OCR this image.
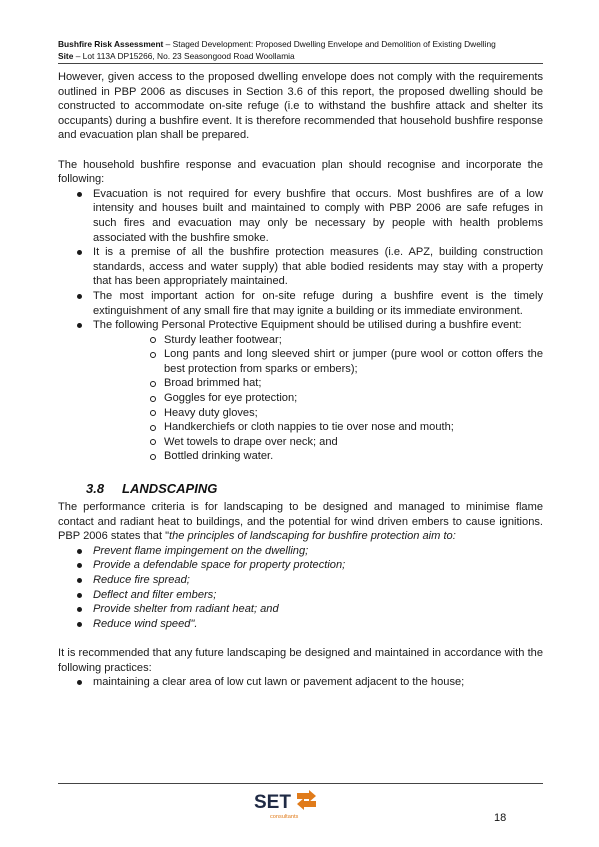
Bushfire Risk Assessment – Staged Development: Proposed Dwelling Envelope and Demolition of Existing Dwelling
Site – Lot 113A DP15266, No. 23 Seasongood Road Woollamia

However, given access to the proposed dwelling envelope does not comply with the requirements outlined in PBP 2006 as discuses in Section 3.6 of this report, the proposed dwelling should be constructed to accommodate on-site refuge (i.e to withstand the bushfire attack and shelter its occupants) during a bushfire event. It is therefore recommended that household bushfire response and evacuation plan shall be prepared.

The household bushfire response and evacuation plan should recognise and incorporate the following:

Evacuation is not required for every bushfire that occurs. Most bushfires are of a low intensity and houses built and maintained to comply with PBP 2006 are safe refuges in such fires and evacuation may only be necessary by people with health problems associated with the bushfire smoke.
It is a premise of all the bushfire protection measures (i.e. APZ, building construction standards, access and water supply) that able bodied residents may stay with a property that has been appropriately maintained.
The most important action for on-site refuge during a bushfire event is the timely extinguishment of any small fire that may ignite a building or its immediate environment.
The following Personal Protective Equipment should be utilised during a bushfire event:
Sturdy leather footwear;
Long pants and long sleeved shirt or jumper (pure wool or cotton offers the best protection from sparks or embers);
Broad brimmed hat;
Goggles for eye protection;
Heavy duty gloves;
Handkerchiefs or cloth nappies to tie over nose and mouth;
Wet towels to drape over neck; and
Bottled drinking water.
3.8 LANDSCAPING

The performance criteria is for landscaping to be designed and managed to minimise flame contact and radiant heat to buildings, and the potential for wind driven embers to cause ignitions. PBP 2006 states that "the principles of landscaping for bushfire protection aim to:

Prevent flame impingement on the dwelling;
Provide a defendable space for property protection;
Reduce fire spread;
Deflect and filter embers;
Provide shelter from radiant heat; and
Reduce wind speed".

It is recommended that any future landscaping be designed and maintained in accordance with the following practices:

maintaining a clear area of low cut lawn or pavement adjacent to the house;
SET
consultants	18
